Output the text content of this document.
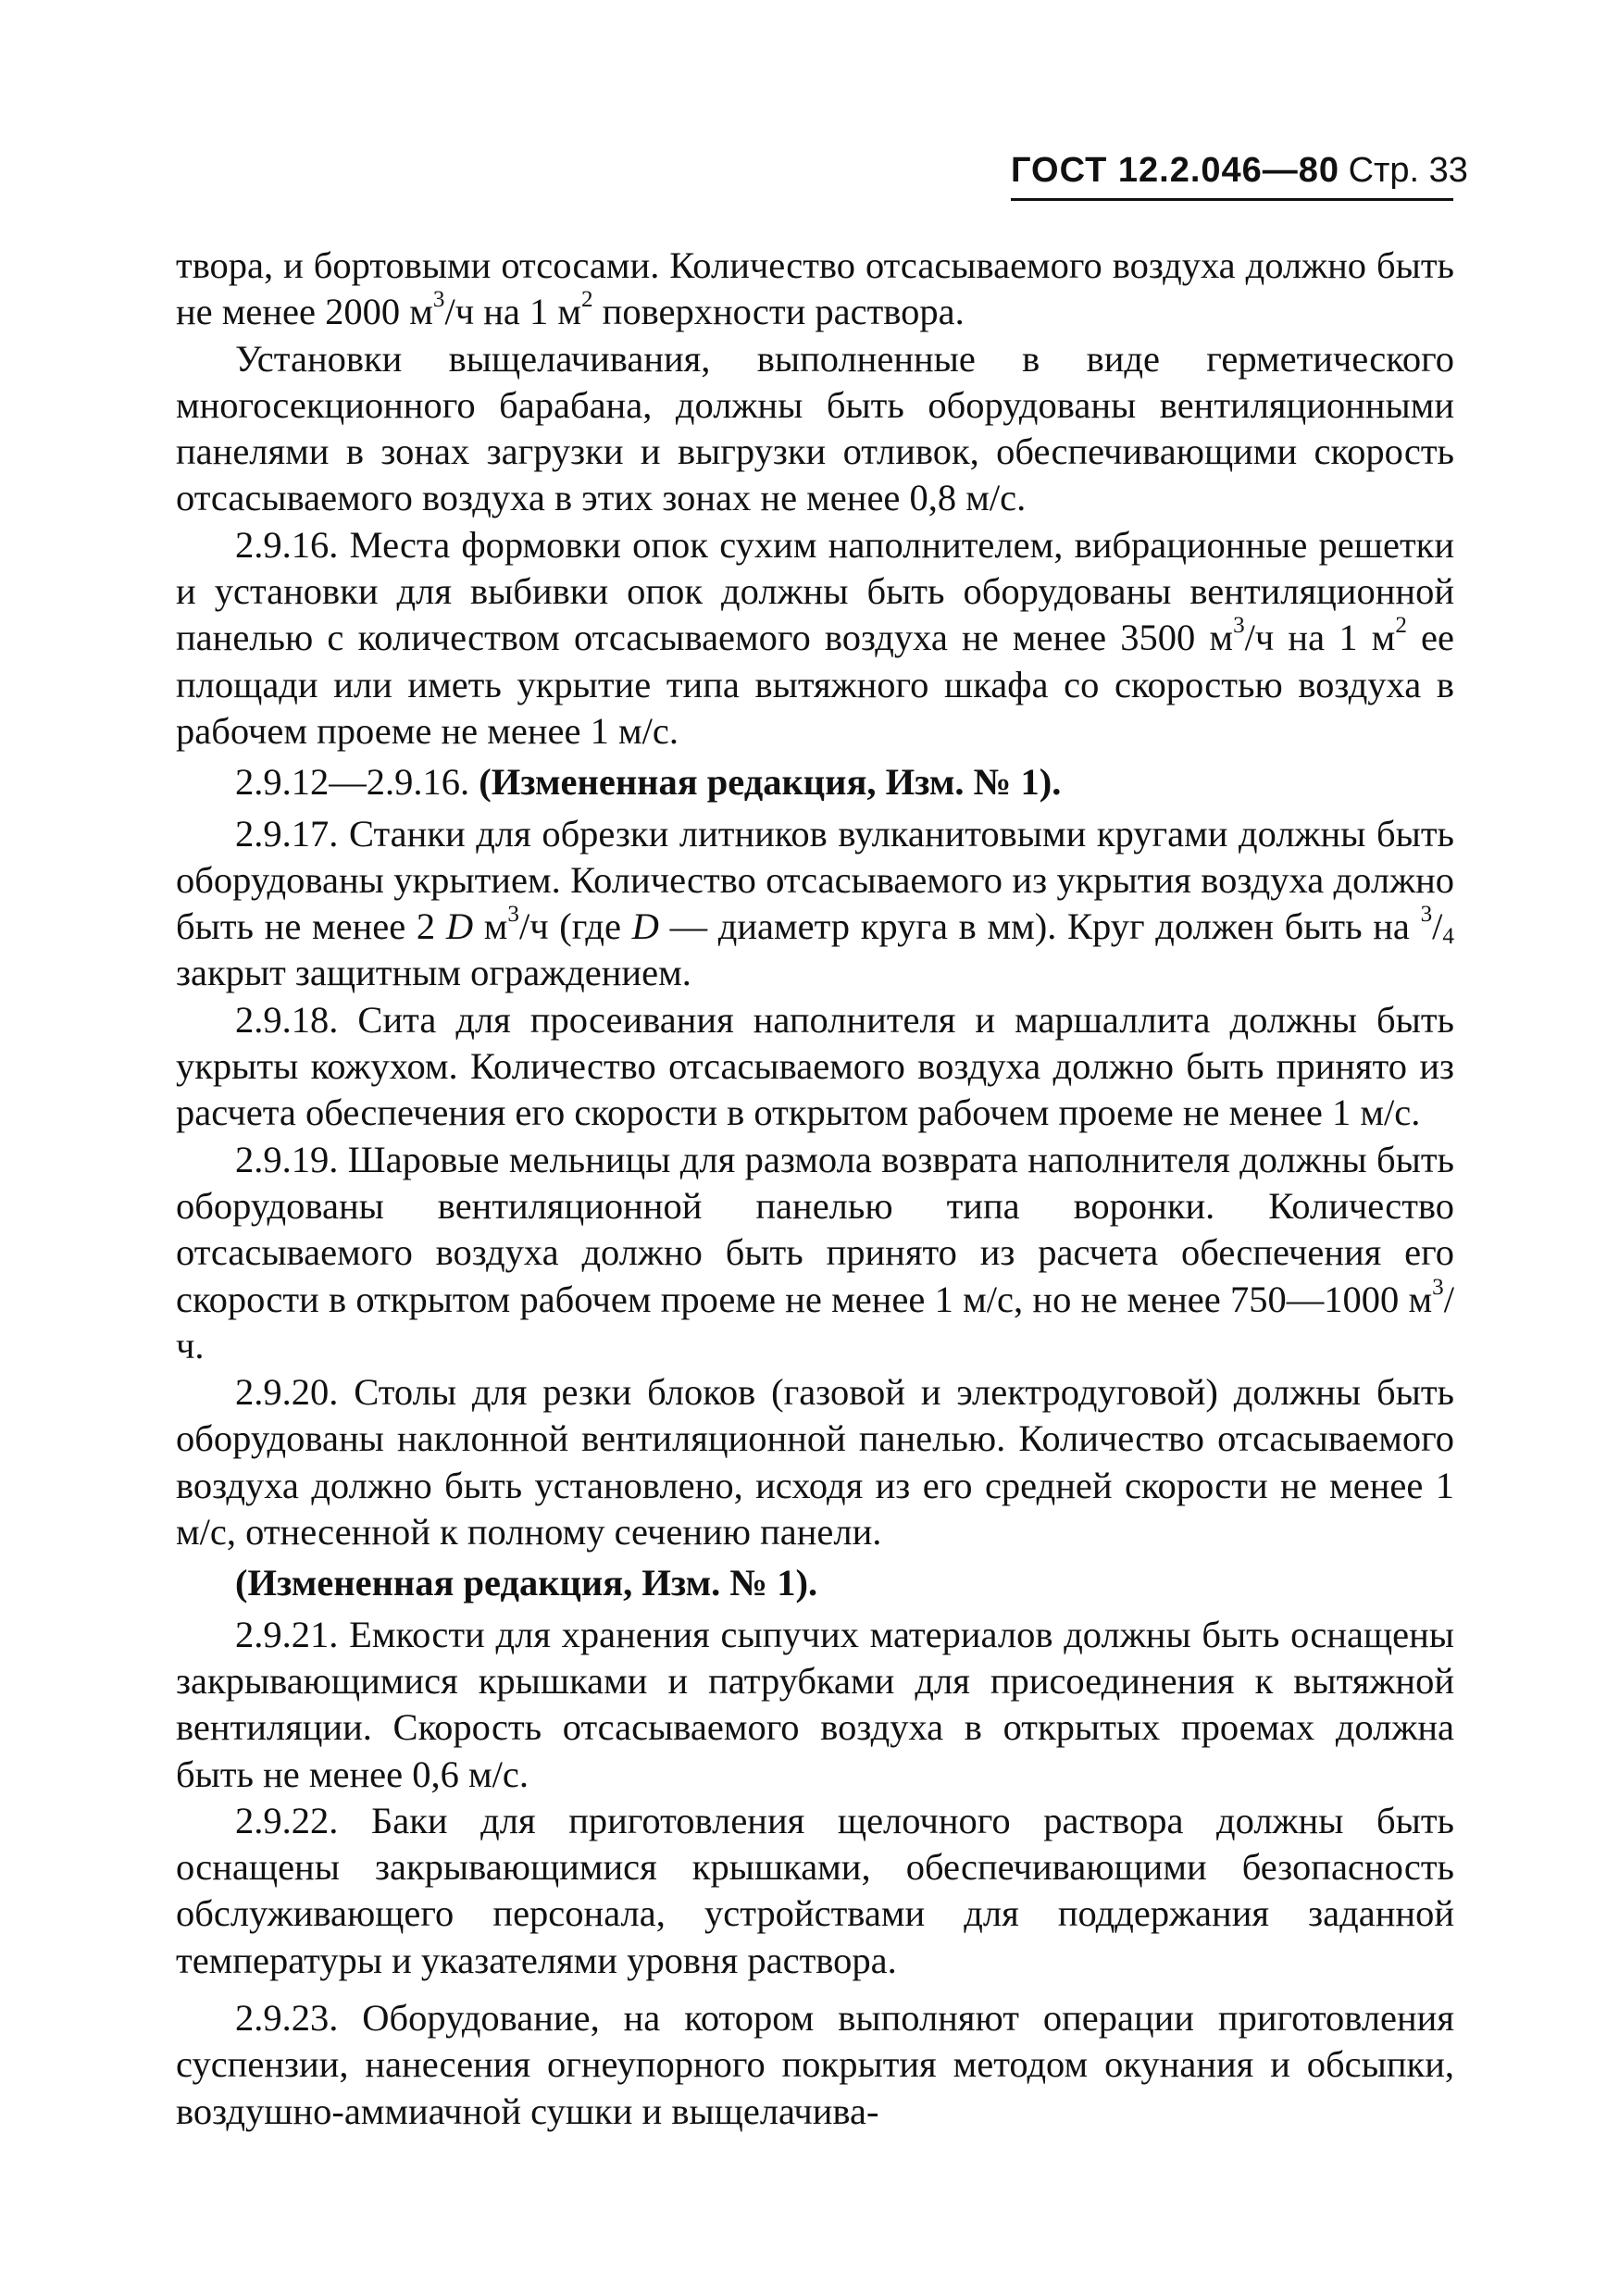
ГОСТ 12.2.046—80 Стр. 33

твора, и бортовыми отсосами. Количество отсасываемого воздуха должно быть не менее 2000 $м^3/ч$ на 1 $м^2$ поверхности раствора.

Установки выщелачивания, выполненные в виде герметического многосекционного барабана, должны быть оборудованы вентиляционными панелями в зонах загрузки и выгрузки отливок, обеспечивающими скорость отсасываемого воздуха в этих зонах не менее 0,8 м/с.

2.9.16. Места формовки опок сухим наполнителем, вибрационные решетки и установки для выбивки опок должны быть оборудованы вентиляционной панелью с количеством отсасываемого воздуха не менее 3500 $м^3/ч$ на 1 $м^2$ ее площади или иметь укрытие типа вытяжного шкафа со скоростью воздуха в рабочем проеме не менее 1 м/с.

2.9.12—2.9.16. (Измененная редакция, Изм. № 1).

2.9.17. Станки для обрезки литников вулканитовыми кругами должны быть оборудованы укрытием. Количество отсасываемого из укрытия воздуха должно быть не менее 2 D $м^3/ч$ (где D — диаметр круга в мм). Круг должен быть на $^3/_4$ закрыт защитным ограждением.

2.9.18. Сита для просеивания наполнителя и маршаллита должны быть укрыты кожухом. Количество отсасываемого воздуха должно быть принято из расчета обеспечения его скорости в открытом рабочем проеме не менее 1 м/с.

2.9.19. Шаровые мельницы для размола возврата наполнителя должны быть оборудованы вентиляционной панелью типа воронки. Количество отсасываемого воздуха должно быть принято из расчета обеспечения его скорости в открытом рабочем проеме не менее 1 м/с, но не менее 750—1000 $м^3/ч$.

2.9.20. Столы для резки блоков (газовой и электродуговой) должны быть оборудованы наклонной вентиляционной панелью. Количество отсасываемого воздуха должно быть установлено, исходя из его средней скорости не менее 1 м/с, отнесенной к полному сечению панели.

(Измененная редакция, Изм. № 1).

2.9.21. Емкости для хранения сыпучих материалов должны быть оснащены закрывающимися крышками и патрубками для присоединения к вытяжной вентиляции. Скорость отсасываемого воздуха в открытых проемах должна быть не менее 0,6 м/с.

2.9.22. Баки для приготовления щелочного раствора должны быть оснащены закрывающимися крышками, обеспечивающими безопасность обслуживающего персонала, устройствами для поддержания заданной температуры и указателями уровня раствора.

2.9.23. Оборудование, на котором выполняют операции приготовления суспензии, нанесения огнеупорного покрытия методом окунания и обсыпки, воздушно-аммиачной сушки и выщелачива-
